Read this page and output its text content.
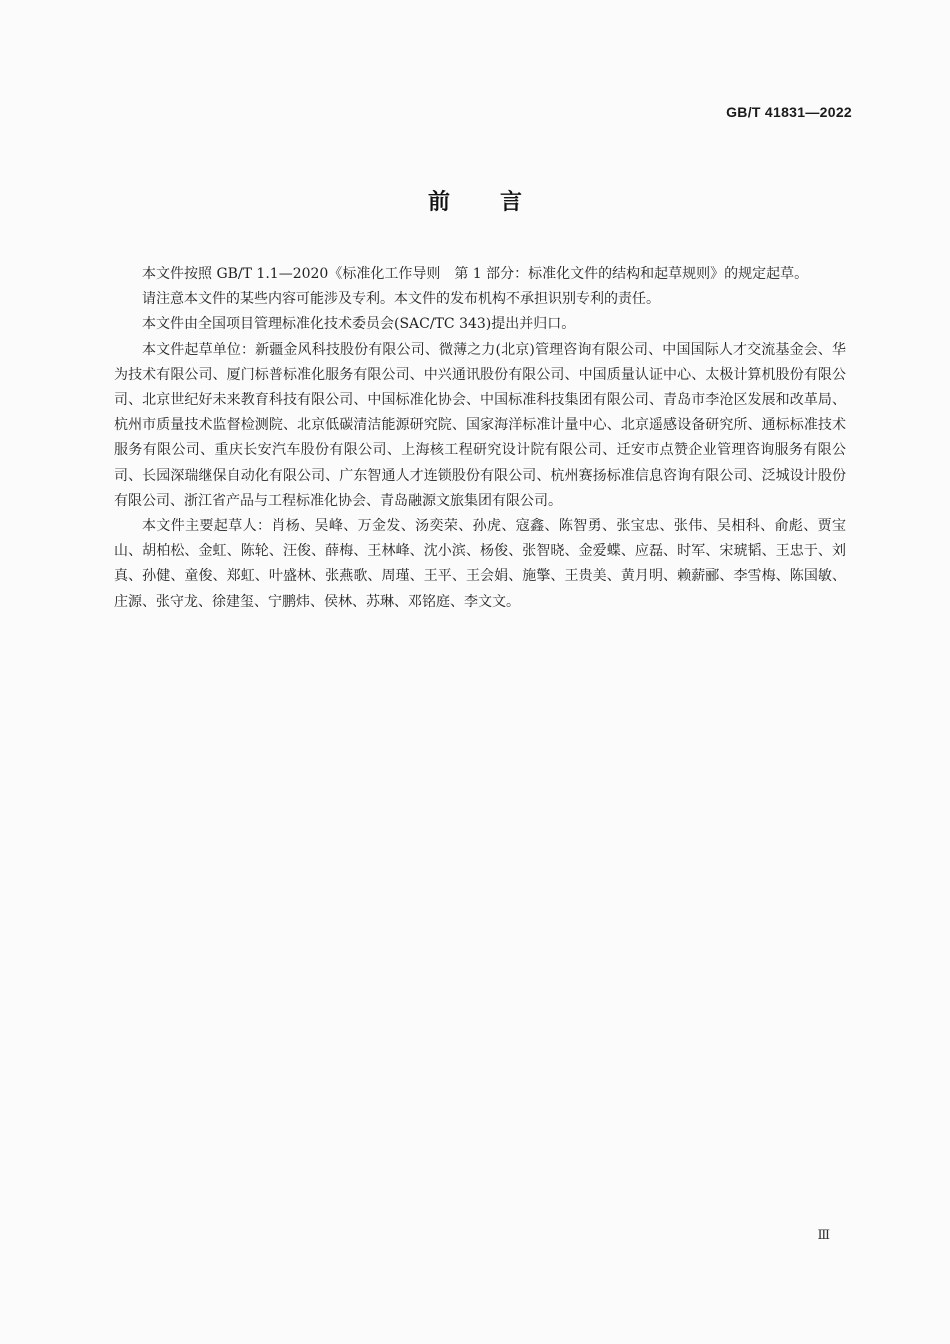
GB/T 41831—2022
前 言

本文件按照 GB/T 1.1—2020《标准化工作导则　第 1 部分：标准化文件的结构和起草规则》的规定起草。

请注意本文件的某些内容可能涉及专利。本文件的发布机构不承担识别专利的责任。

本文件由全国项目管理标准化技术委员会(SAC/TC 343)提出并归口。

本文件起草单位：新疆金风科技股份有限公司、微薄之力(北京)管理咨询有限公司、中国国际人才交流基金会、华为技术有限公司、厦门标普标准化服务有限公司、中兴通讯股份有限公司、中国质量认证中心、太极计算机股份有限公司、北京世纪好未来教育科技有限公司、中国标准化协会、中国标准科技集团有限公司、青岛市李沧区发展和改革局、杭州市质量技术监督检测院、北京低碳清洁能源研究院、国家海洋标准计量中心、北京遥感设备研究所、通标标准技术服务有限公司、重庆长安汽车股份有限公司、上海核工程研究设计院有限公司、迁安市点赞企业管理咨询服务有限公司、长园深瑞继保自动化有限公司、广东智通人才连锁股份有限公司、杭州赛扬标准信息咨询有限公司、泛城设计股份有限公司、浙江省产品与工程标准化协会、青岛融源文旅集团有限公司。

本文件主要起草人：肖杨、吴峰、万金发、汤奕荣、孙虎、寇鑫、陈智勇、张宝忠、张伟、吴相科、俞彪、贾宝山、胡柏松、金虹、陈轮、汪俊、薛梅、王林峰、沈小滨、杨俊、张智晓、金爱蝶、应磊、时军、宋琥韬、王忠于、刘真、孙健、童俊、郑虹、叶盛林、张燕歌、周瑾、王平、王会娟、施擎、王贵美、黄月明、赖薪郦、李雪梅、陈国敏、庄源、张守龙、徐建玺、宁鹏炜、侯林、苏琳、邓铭庭、李文文。

Ⅲ
